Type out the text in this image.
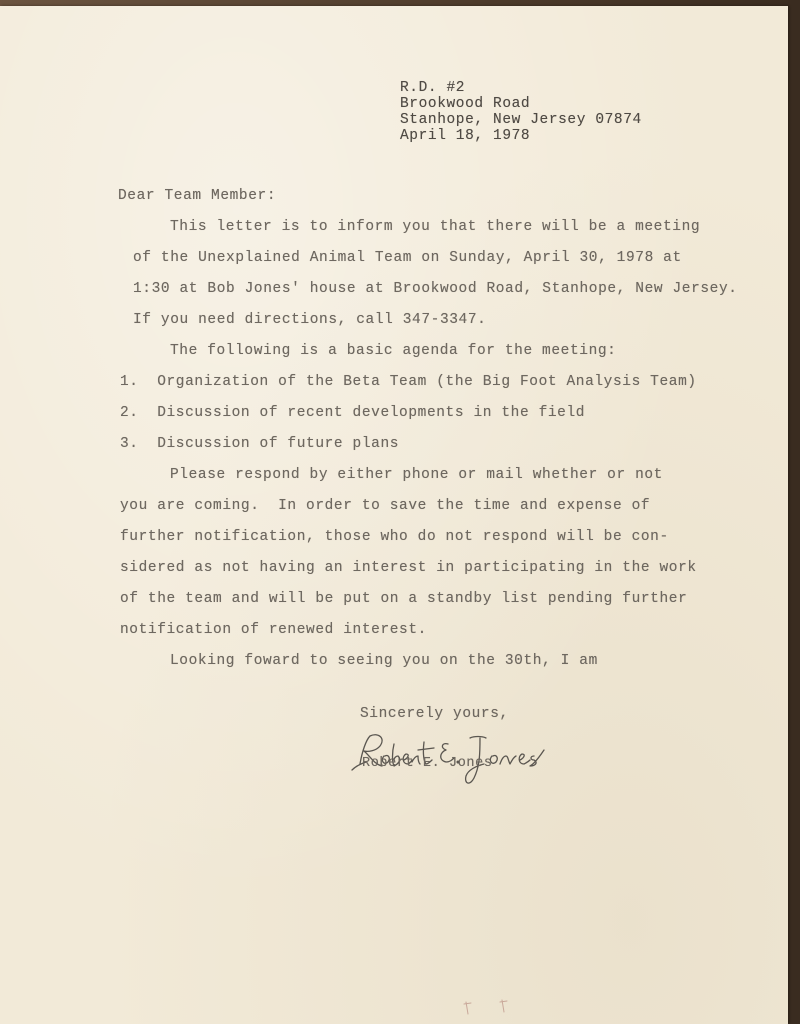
R.D. #2
Brookwood Road
Stanhope, New Jersey 07874
April 18, 1978
Dear Team Member:
This letter is to inform you that there will be a meeting
of the Unexplained Animal Team on Sunday, April 30, 1978 at
1:30 at Bob Jones' house at Brookwood Road, Stanhope, New Jersey.
If you need directions, call 347-3347.
The following is a basic agenda for the meeting:
1.  Organization of the Beta Team (the Big Foot Analysis Team)
2.  Discussion of recent developments in the field
3.  Discussion of future plans
Please respond by either phone or mail whether or not
you are coming.  In order to save the time and expense of
further notification, those who do not respond will be con-
sidered as not having an interest in participating in the work
of the team and will be put on a standby list pending further
notification of renewed interest.
Looking foward to seeing you on the 30th, I am
Sincerely yours,
Robert E. Jones
